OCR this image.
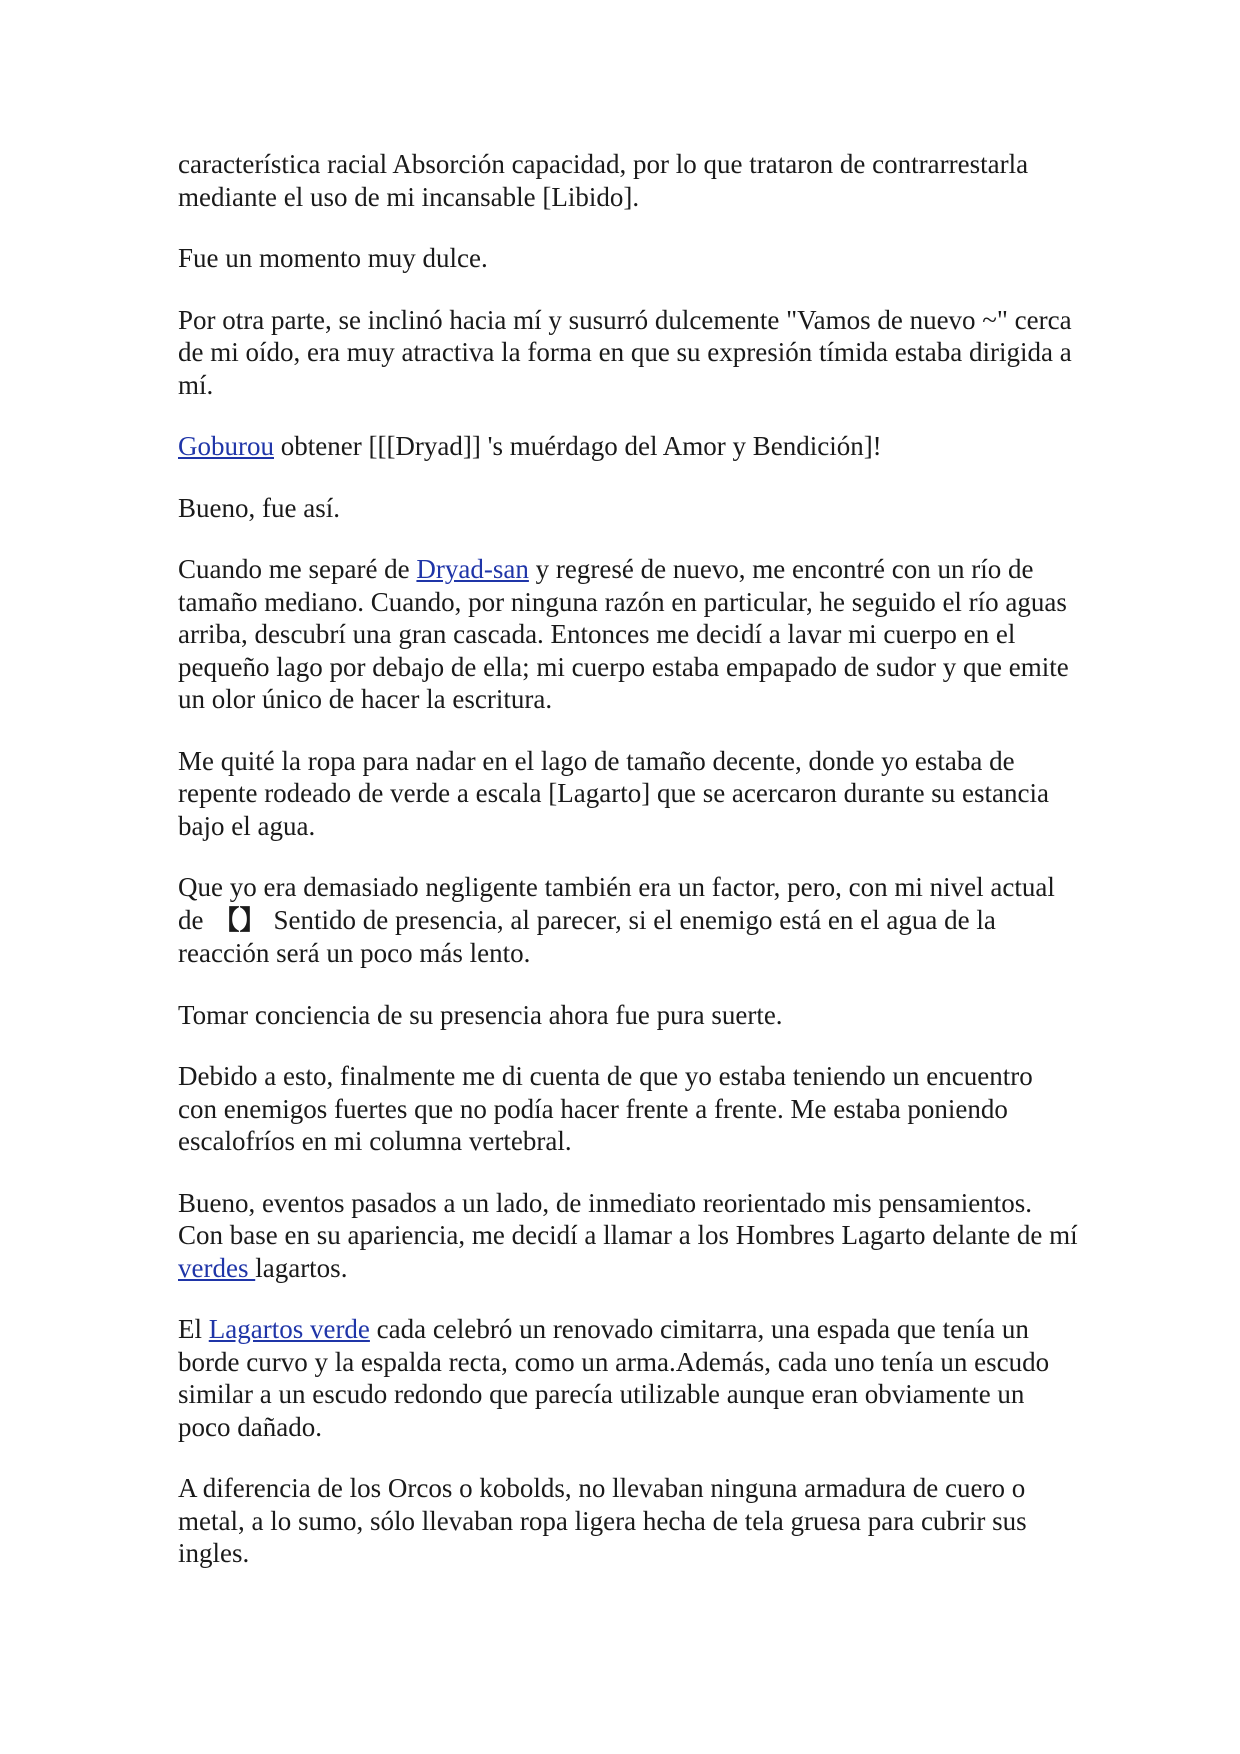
característica racial Absorción capacidad, por lo que trataron de contrarrestarla mediante el uso de mi incansable [Libido].

Fue un momento muy dulce.

Por otra parte, se inclinó hacia mí y susurró dulcemente "Vamos de nuevo ~" cerca de mi oído, era muy atractiva la forma en que su expresión tímida estaba dirigida a mí.

Goburou obtener [[[Dryad]] 's muérdago del Amor y Bendición]!

Bueno, fue así.

Cuando me separé de Dryad-san y regresé de nuevo, me encontré con un río de tamaño mediano. Cuando, por ninguna razón en particular, he seguido el río aguas arriba, descubrí una gran cascada. Entonces me decidí a lavar mi cuerpo en el pequeño lago por debajo de ella; mi cuerpo estaba empapado de sudor y que emite un olor único de hacer la escritura.

Me quité la ropa para nadar en el lago de tamaño decente, donde yo estaba de repente rodeado de verde a escala [Lagarto] que se acercaron durante su estancia bajo el agua.

Que yo era demasiado negligente también era un factor, pero, con mi nivel actual de 【】 Sentido de presencia, al parecer, si el enemigo está en el agua de la reacción será un poco más lento.

Tomar conciencia de su presencia ahora fue pura suerte.

Debido a esto, finalmente me di cuenta de que yo estaba teniendo un encuentro con enemigos fuertes que no podía hacer frente a frente. Me estaba poniendo escalofríos en mi columna vertebral.

Bueno, eventos pasados a un lado, de inmediato reorientado mis pensamientos. Con base en su apariencia, me decidí a llamar a los Hombres Lagarto delante de mí verdes lagartos.

El Lagartos verde cada celebró un renovado cimitarra, una espada que tenía un borde curvo y la espalda recta, como un arma.Además, cada uno tenía un escudo similar a un escudo redondo que parecía utilizable aunque eran obviamente un poco dañado.

A diferencia de los Orcos o kobolds, no llevaban ninguna armadura de cuero o metal, a lo sumo, sólo llevaban ropa ligera hecha de tela gruesa para cubrir sus ingles.
